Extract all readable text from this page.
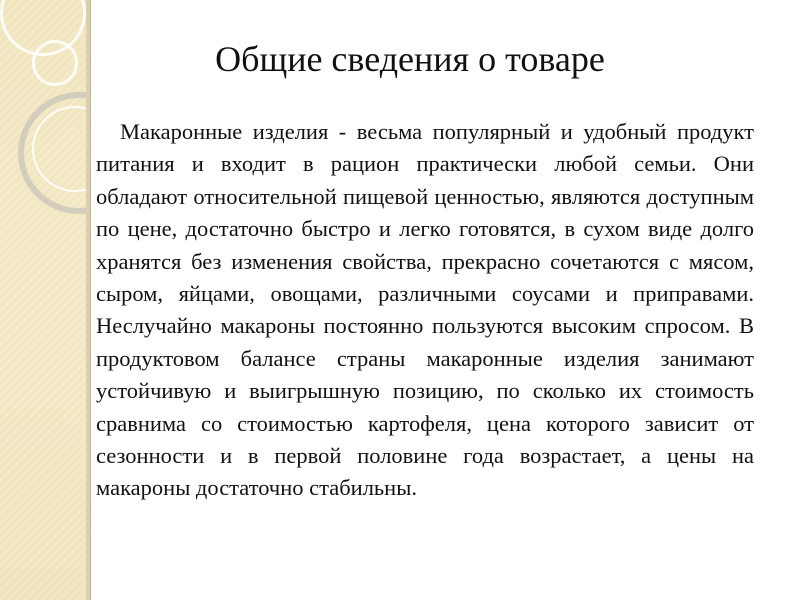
Общие сведения о товаре

Макаронные изделия - весьма популярный и удобный продукт питания и входит в рацион практически любой семьи. Они обладают относительной пищевой ценностью, являются доступным по цене, достаточно быстро и легко готовятся, в сухом виде долго хранятся без изменения свойства, прекрасно сочетаются с мясом, сыром, яйцами, овощами, различными соусами и приправами. Неслучайно макароны постоянно пользуются высоким спросом. В продуктовом балансе страны макаронные изделия занимают устойчивую и выигрышную позицию, по сколько их стоимость сравнима со стоимостью картофеля, цена которого зависит от сезонности и в первой половине года возрастает, а цены на макароны достаточно стабильны.
